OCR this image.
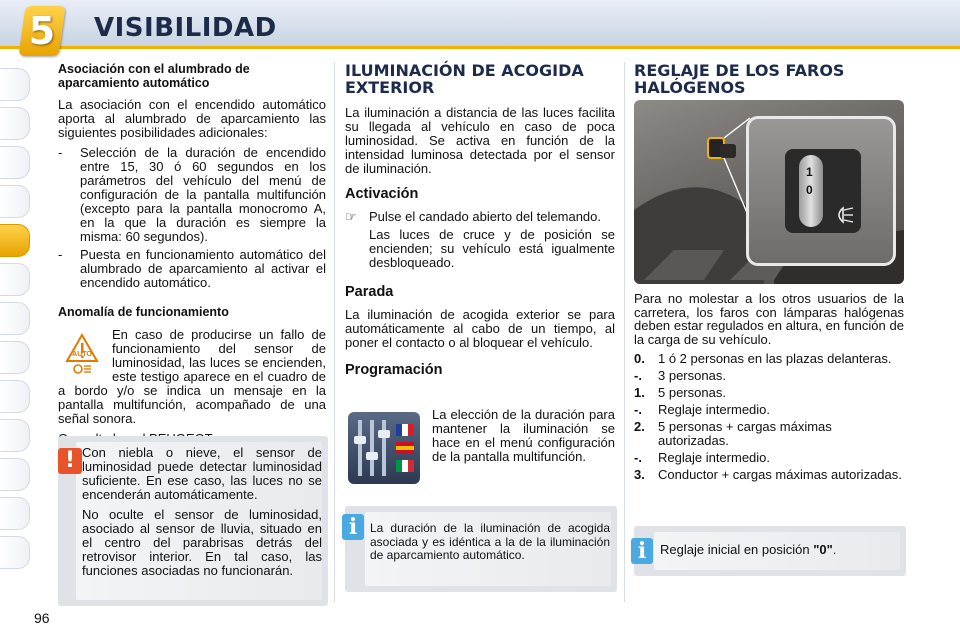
5 VISIBILIDAD
Asociación con el alumbrado de aparcamiento automático
La asociación con el encendido automático aporta al alumbrado de aparcamiento las siguientes posibilidades adicionales:
- Selección de la duración de encendido entre 15, 30 ó 60 segundos en los parámetros del vehículo del menú de configuración de la pantalla multifunción (excepto para la pantalla monocromo A, en la que la duración es siempre la misma: 60 segundos).
- Puesta en funcionamiento automático del alumbrado de aparcamiento al activar el encendido automático.
Anomalía de funcionamiento
AUTO
En caso de producirse un fallo de funcionamiento del sensor de luminosidad, las luces se encienden, este testigo aparece en el cuadro de a bordo y/o se indica un mensaje en la pantalla multifunción, acompañado de una señal sonora.
! Con niebla o nieve, el sensor de luminosidad puede detectar luminosidad suficiente. En ese caso, las luces no se encenderán automáticamente.
No oculte el sensor de luminosidad, asociado al sensor de lluvia, situado en el centro del parabrisas detrás del retrovisor interior. En tal caso, las funciones asociadas no funcionarán.
ILUMINACIÓN DE ACOGIDA EXTERIOR
La iluminación a distancia de las luces facilita su llegada al vehículo en caso de poca luminosidad. Se activa en función de la intensidad luminosa detectada por el sensor de iluminación.
Activación
☞ Pulse el candado abierto del telemando.
Las luces de cruce y de posición se encienden; su vehículo está igualmente desbloqueado.
Parada
La iluminación de acogida exterior se para automáticamente al cabo de un tiempo, al poner el contacto o al bloquear el vehículo.
Programación
La elección de la duración para mantener la iluminación se hace en el menú configuración de la pantalla multifunción.
i	La duración de la iluminación de acogida asociada y es idéntica a la de la iluminación de aparcamiento automático.
REGLAJE DE LOS FAROS
HALÓGENOS
1
0
Para no molestar a los otros usuarios de la carretera, los faros con lámparas halógenas deben estar regulados en altura, en función de la carga de su vehículo.
0. 1 ó 2 personas en las plazas delanteras.
-. 3 personas.
1. 5 personas.
-. Reglaje intermedio.
2. 5 personas + cargas máximas autorizadas.
-. Reglaje intermedio.
3. Conductor + cargas máximas autorizadas.
i	Reglaje inicial en posición "0".
96
